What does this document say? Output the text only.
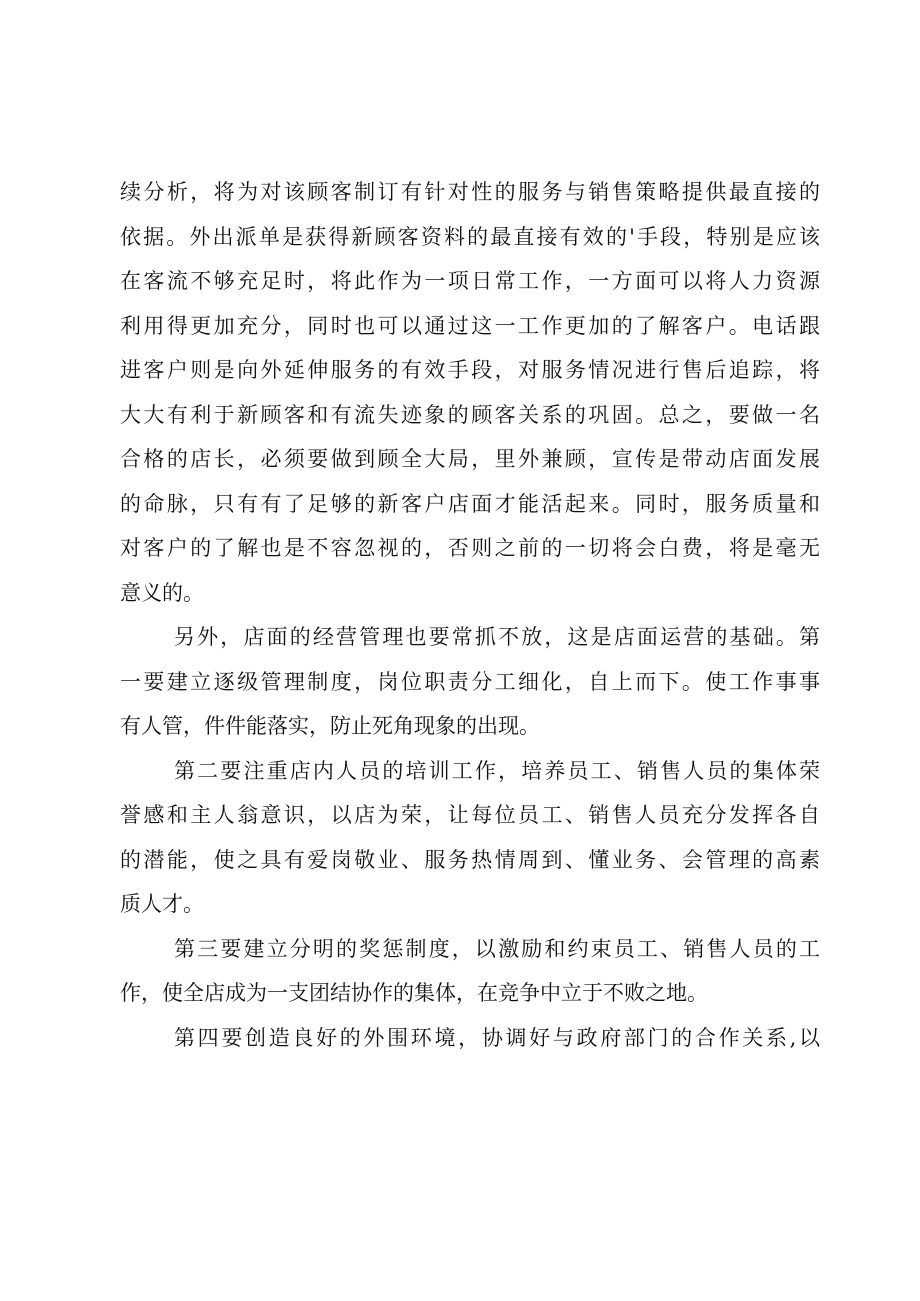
续分析，将为对该顾客制订有针对性的服务与销售策略提供最直接的
依据。外出派单是获得新顾客资料的最直接有效的'手段，特别是应该
在客流不够充足时，将此作为一项日常工作，一方面可以将人力资源
利用得更加充分，同时也可以通过这一工作更加的了解客户。电话跟
进客户则是向外延伸服务的有效手段，对服务情况进行售后追踪，将
大大有利于新顾客和有流失迹象的顾客关系的巩固。总之，要做一名
合格的店长，必须要做到顾全大局，里外兼顾，宣传是带动店面发展
的命脉，只有有了足够的新客户店面才能活起来。同时，服务质量和
对客户的了解也是不容忽视的，否则之前的一切将会白费，将是毫无
意义的。
另外，店面的经营管理也要常抓不放，这是店面运营的基础。第
一要建立逐级管理制度，岗位职责分工细化，自上而下。使工作事事
有人管，件件能落实，防止死角现象的出现。
第二要注重店内人员的培训工作，培养员工、销售人员的集体荣
誉感和主人翁意识，以店为荣，让每位员工、销售人员充分发挥各自
的潜能，使之具有爱岗敬业、服务热情周到、懂业务、会管理的高素
质人才。
第三要建立分明的奖惩制度，以激励和约束员工、销售人员的工
作，使全店成为一支团结协作的集体，在竞争中立于不败之地。
第四要创造良好的外围环境，协调好与政府部门的合作关系,以
